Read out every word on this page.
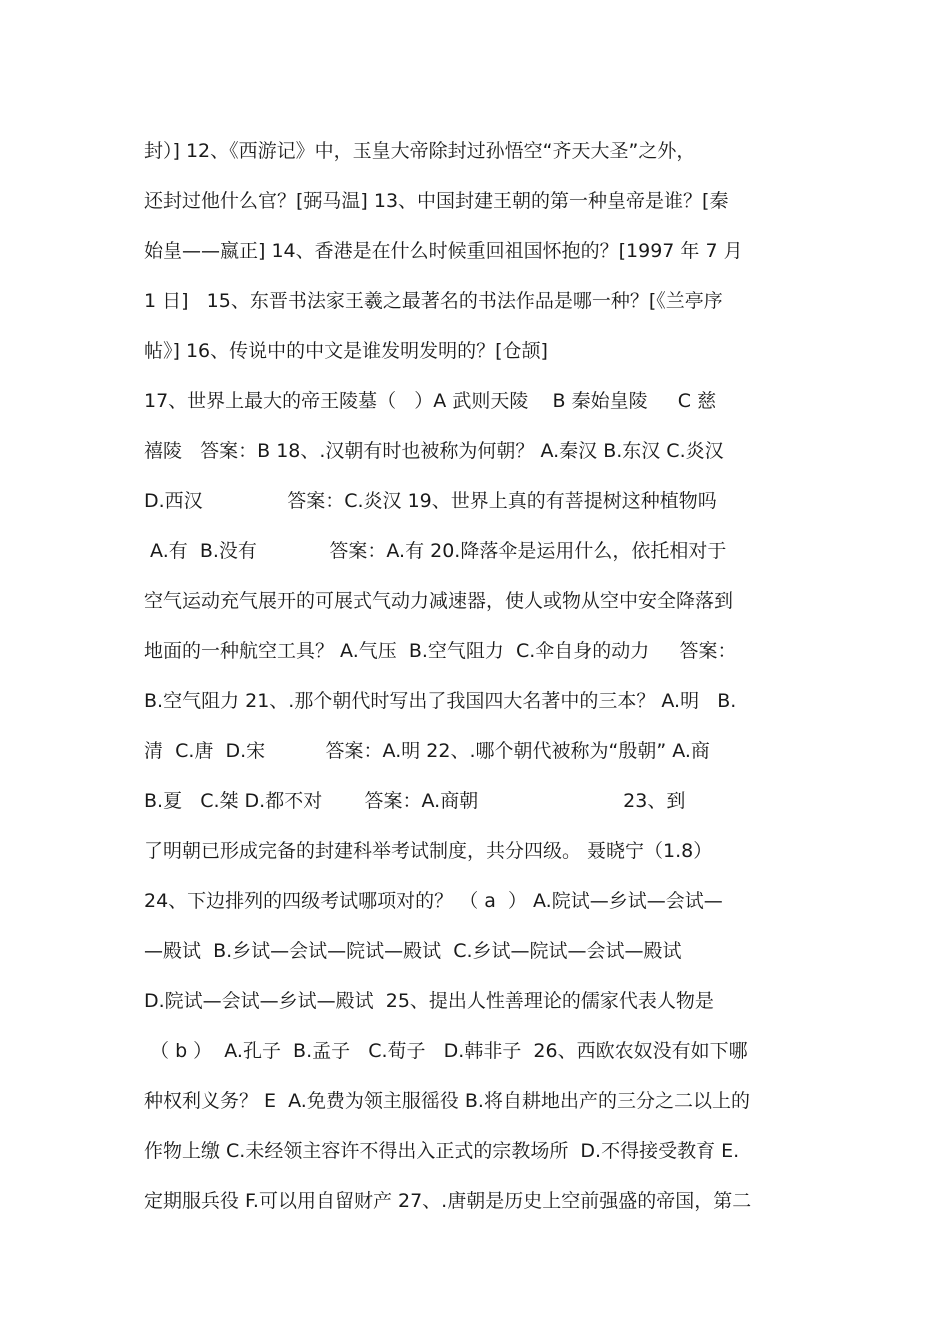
封）] 12、《西游记》中，玉皇大帝除封过孙悟空“齐天大圣”之外，
还封过他什么官？[弼马温] 13、中国封建王朝的第一种皇帝是谁？[秦
始皇——嬴正] 14、香港是在什么时候重回祖国怀抱的？[1997 年 7 月
1 日]   15、东晋书法家王羲之最著名的书法作品是哪一种？[《兰亭序
帖》] 16、传说中的中文是谁发明发明的？[仓颉]
17、世界上最大的帝王陵墓（   ）A 武则天陵    B 秦始皇陵     C 慈
禧陵   答案：B 18、.汉朝有时也被称为何朝？ A.秦汉 B.东汉 C.炎汉
D.西汉              答案：C.炎汉 19、世界上真的有菩提树这种植物吗
A.有  B.没有            答案：A.有 20.降落伞是运用什么，依托相对于
空气运动充气展开的可展式气动力减速器，使人或物从空中安全降落到
地面的一种航空工具？ A.气压  B.空气阻力  C.伞自身的动力     答案：
B.空气阻力 21、.那个朝代时写出了我国四大名著中的三本？ A.明   B.
清  C.唐  D.宋          答案：A.明 22、.哪个朝代被称为“殷朝” A.商
B.夏   C.桀 D.都不对       答案：A.商朝                        23、到
了明朝已形成完备的封建科举考试制度，共分四级。 聂晓宁（1.8）
24、下边排列的四级考试哪项对的？ （ a  ） A.院试—乡试—会试—
—殿试  B.乡试—会试—院试—殿试  C.乡试—院试—会试—殿试
D.院试—会试—乡试—殿试  25、提出人性善理论的儒家代表人物是
（ b ）  A.孔子  B.孟子   C.荀子   D.韩非子  26、西欧农奴没有如下哪
种权利义务？ E  A.免费为领主服徭役 B.将自耕地出产的三分之二以上的
作物上缴 C.未经领主容许不得出入正式的宗教场所  D.不得接受教育 E.
定期服兵役 F.可以用自留财产 27、.唐朝是历史上空前强盛的帝国，第二
